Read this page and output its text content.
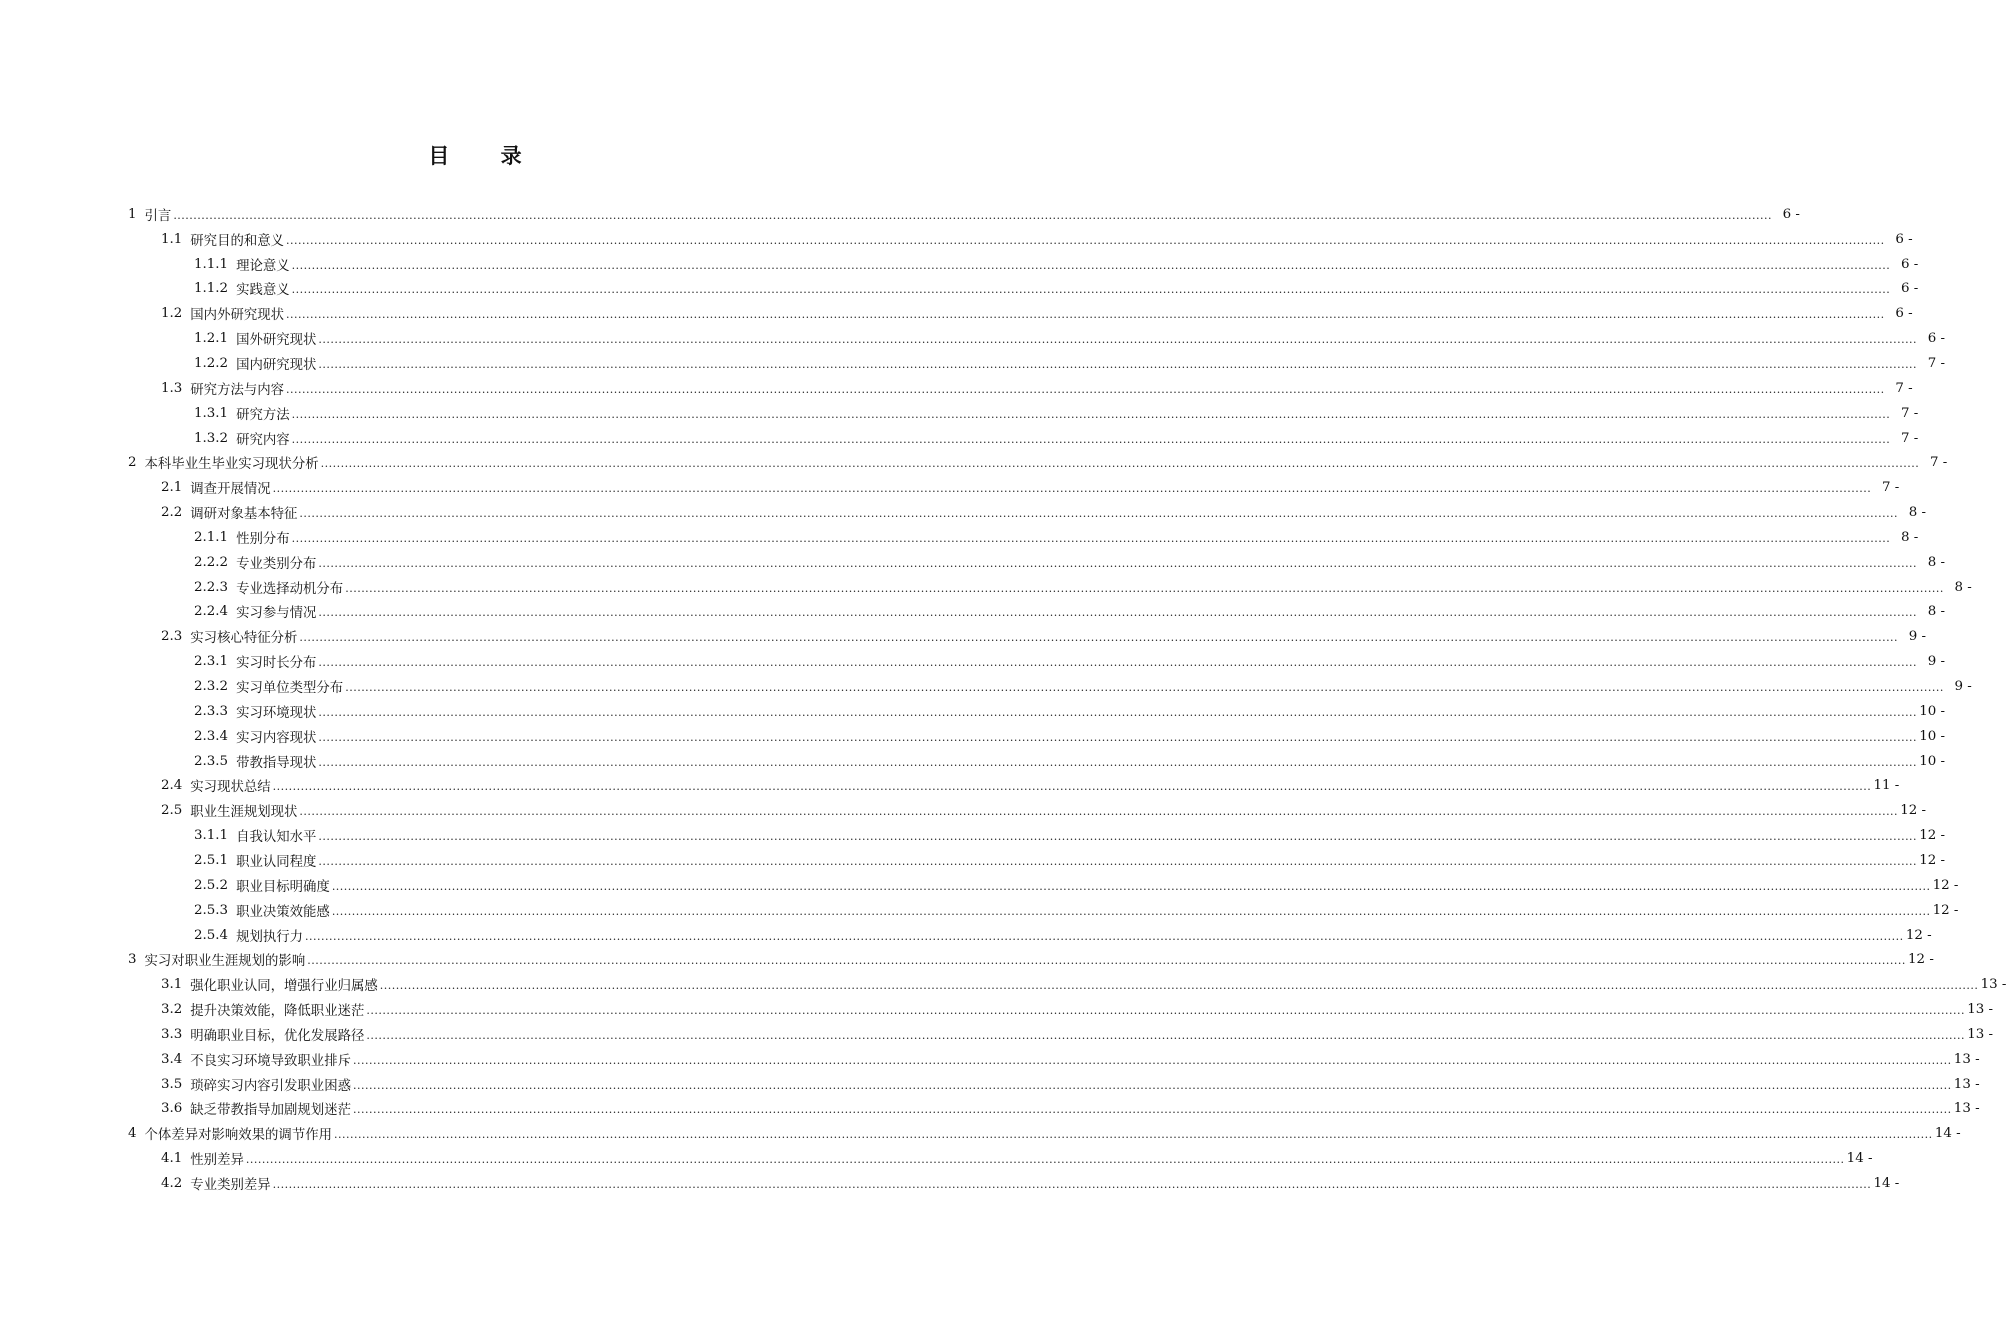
目 录
1 引言 ................................................................................................................................................................................................................................................................................................................................................................................................................ 6 -
1.1 研究目的和意义 ................................................................................................................................................................................................................................................................................................................................................................................................................ 6 -
1.1.1 理论意义 ................................................................................................................................................................................................................................................................................................................................................................................................................ 6 -
1.1.2 实践意义 ................................................................................................................................................................................................................................................................................................................................................................................................................ 6 -
1.2 国内外研究现状 ................................................................................................................................................................................................................................................................................................................................................................................................................ 6 -
1.2.1 国外研究现状 ................................................................................................................................................................................................................................................................................................................................................................................................................ 6 -
1.2.2 国内研究现状 ................................................................................................................................................................................................................................................................................................................................................................................................................ 7 -
1.3 研究方法与内容 ................................................................................................................................................................................................................................................................................................................................................................................................................ 7 -
1.3.1 研究方法 ................................................................................................................................................................................................................................................................................................................................................................................................................ 7 -
1.3.2 研究内容 ................................................................................................................................................................................................................................................................................................................................................................................................................ 7 -
2 本科毕业生毕业实习现状分析 ................................................................................................................................................................................................................................................................................................................................................................................................................ 7 -
2.1 调查开展情况 ................................................................................................................................................................................................................................................................................................................................................................................................................ 7 -
2.2 调研对象基本特征 ................................................................................................................................................................................................................................................................................................................................................................................................................ 8 -
2.1.1 性别分布 ................................................................................................................................................................................................................................................................................................................................................................................................................ 8 -
2.2.2 专业类别分布 ................................................................................................................................................................................................................................................................................................................................................................................................................ 8 -
2.2.3 专业选择动机分布 ................................................................................................................................................................................................................................................................................................................................................................................................................ 8 -
2.2.4 实习参与情况 ................................................................................................................................................................................................................................................................................................................................................................................................................ 8 -
2.3 实习核心特征分析 ................................................................................................................................................................................................................................................................................................................................................................................................................ 9 -
2.3.1 实习时长分布 ................................................................................................................................................................................................................................................................................................................................................................................................................ 9 -
2.3.2 实习单位类型分布 ................................................................................................................................................................................................................................................................................................................................................................................................................ 9 -
2.3.3 实习环境现状 ................................................................................................................................................................................................................................................................................................................................................................................................................ 10 -
2.3.4 实习内容现状 ................................................................................................................................................................................................................................................................................................................................................................................................................ 10 -
2.3.5 带教指导现状 ................................................................................................................................................................................................................................................................................................................................................................................................................ 10 -
2.4 实习现状总结 ................................................................................................................................................................................................................................................................................................................................................................................................................ 11 -
2.5 职业生涯规划现状 ................................................................................................................................................................................................................................................................................................................................................................................................................ 12 -
3.1.1 自我认知水平 ................................................................................................................................................................................................................................................................................................................................................................................................................ 12 -
2.5.1 职业认同程度 ................................................................................................................................................................................................................................................................................................................................................................................................................ 12 -
2.5.2 职业目标明确度 ................................................................................................................................................................................................................................................................................................................................................................................................................ 12 -
2.5.3 职业决策效能感 ................................................................................................................................................................................................................................................................................................................................................................................................................ 12 -
2.5.4 规划执行力 ................................................................................................................................................................................................................................................................................................................................................................................................................ 12 -
3 实习对职业生涯规划的影响 ................................................................................................................................................................................................................................................................................................................................................................................................................ 12 -
3.1 强化职业认同，增强行业归属感 ................................................................................................................................................................................................................................................................................................................................................................................................................ 13 -
3.2 提升决策效能，降低职业迷茫 ................................................................................................................................................................................................................................................................................................................................................................................................................ 13 -
3.3 明确职业目标，优化发展路径 ................................................................................................................................................................................................................................................................................................................................................................................................................ 13 -
3.4 不良实习环境导致职业排斥 ................................................................................................................................................................................................................................................................................................................................................................................................................ 13 -
3.5 琐碎实习内容引发职业困惑 ................................................................................................................................................................................................................................................................................................................................................................................................................ 13 -
3.6 缺乏带教指导加剧规划迷茫 ................................................................................................................................................................................................................................................................................................................................................................................................................ 13 -
4 个体差异对影响效果的调节作用 ................................................................................................................................................................................................................................................................................................................................................................................................................ 14 -
4.1 性别差异 ................................................................................................................................................................................................................................................................................................................................................................................................................ 14 -
4.2 专业类别差异 ................................................................................................................................................................................................................................................................................................................................................................................................................ 14 -
